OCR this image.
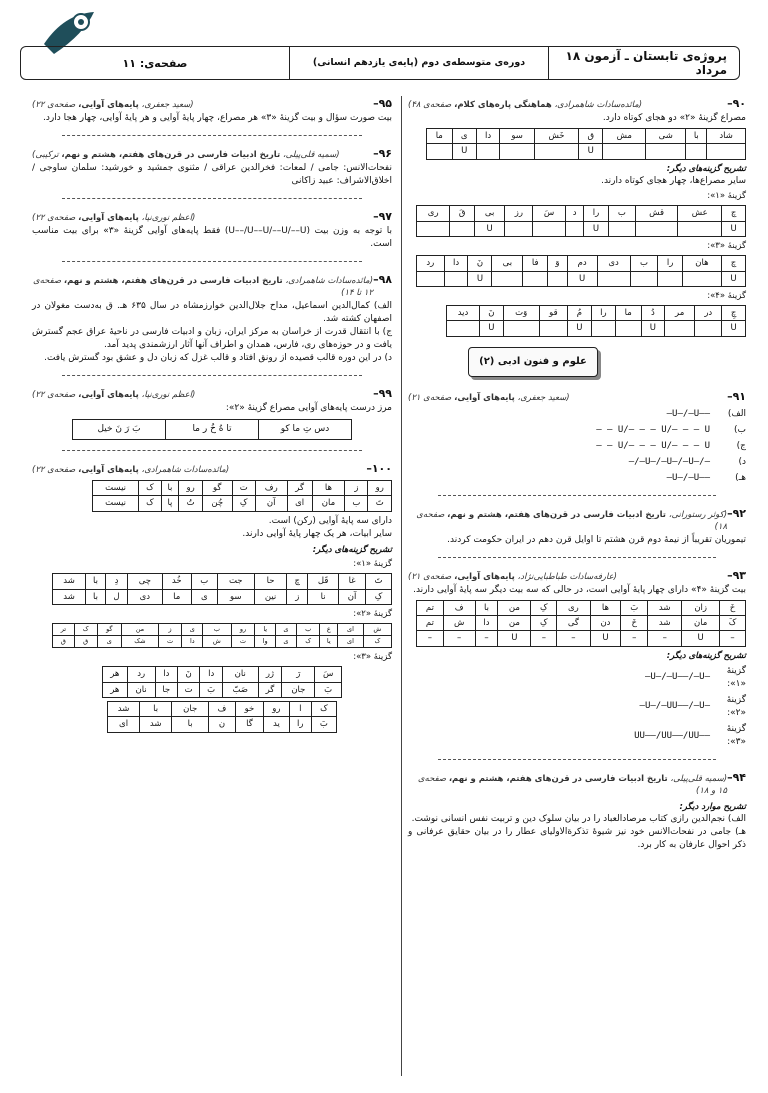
پروژه‌ی تابستان ـ آزمون ۱۸ مرداد
دوره‌ی متوسطه‌ی دوم (پایه‌ی یازدهم انسانی)
صفحه‌ی: ۱۱
۹۰–
(مائده‌سادات شاهمرادی، هماهنگی پاره‌های کلام، صفحه‌ی ۴۸)
مصراع گزینهٔ «۲» دو هجای کوتاه دارد.
شاد	با	شی	مش	ق	خَش	سو	دا	ی	ما
				U				U	
تشریح گزینه‌های دیگر:
سایر مصراع‌ها، چهار هجای کوتاه دارند.
گزینهٔ «۱»:
چ	عش	قش	ب	را	د	سَ	رز	بی	قَ	ری
U				U				U		
گزینهٔ «۳»:
چ	هان	را	ب	دی	دم	وَ	فا	بی	نَ	دا	رد
U					U				U		
گزینهٔ «۴»:
چِ	در	مر	دُ	ما	را	مُ	قو	وَت	نَ	دید
U			U			U			U	
علوم و فنون ادبی (۲)
۹۱–
(سعید جعفری، پایه‌های آوایی، صفحه‌ی ۲۱)
الف)
–U–/–U––
ب)
– – U/– – – U/– – – U
ج)
– – U/– – – U/– – – U
د)
–/–U–/–U–/–U–/–
هـ)
–U–/–U––
۹۲–
(کوثر رستورانی، تاریخ ادبیات فارسی در قرن‌های هفتم، هشتم و نهم، صفحه‌ی ۱۸)
تیموریان تقریباً از نیمهٔ دوم قرن هشتم تا اوایل قرن دهم در ایران حکومت کردند.
۹۳–
(عارفه‌سادات طباطبایی‌نژاد، پایه‌های آوایی، صفحه‌ی ۲۱)
بیت گزینهٔ «۴» دارای چهار پایهٔ آوایی است، در حالی که سه بیت دیگر سه پایهٔ آوایی دارند.
خَ	زان	شد	بَ	ها	ری	کِ	من	با	ف	تم
کَ	مان	شد	خَ	دن	گی	کِ	من	دا	ش	تم
–	U	–	–	U	–	–	U	–	–	–
تشریح گزینه‌های دیگر:
گزینهٔ «۱»:
–U–/–U––/–U–
گزینهٔ «۲»:
–U–/–UU––/–U–
گزینهٔ «۳»:
UU––/UU––/UU––
۹۴–
(سمیه قلی‌پیلی، تاریخ ادبیات فارسی در قرن‌های هفتم، هشتم و نهم، صفحه‌ی ۱۵ و ۱۸)
تشریح موارد دیگر:
الف) نجم‌الدین رازی کتاب مرصادالعباد را در بیان سلوک دین و تربیت نفس انسانی نوشت.
هـ) جامی در نفحات‌الانس خود نیز شیوهٔ تذکرةالاولیای عطار را در بیان حقایق عرفانی و ذکر احوال عارفان به کار برد.
۹۵–
(سعید جعفری، پایه‌های آوایی، صفحه‌ی ۲۲)
بیت صورت سؤال و بیت گزینهٔ «۳» هر مصراع، چهار پایهٔ آوایی و هر پایهٔ آوایی، چهار هجا دارد.
۹۶–
(سمیه قلی‌پیلی، تاریخ ادبیات فارسی در قرن‌های هفتم، هشتم و نهم، ترکیبی)
نفحات‌الانس: جامی / لمعات: فخرالدین عراقی / مثنوی جمشید و خورشید: سلمان ساوجی / اخلاق‌الاشراف: عبید زاکانی
۹۷–
(اعظم نوری‌نیا، پایه‌های آوایی، صفحه‌ی ۲۲)
با توجه به وزن بیت (U––/U––U/––U/––U) فقط پایه‌های آوایی گزینهٔ «۳» برای بیت مناسب است.
۹۸–
(مائده‌سادات شاهمرادی، تاریخ ادبیات فارسی در قرن‌های هفتم، هشتم و نهم، صفحه‌ی ۱۲ تا ۱۴)
الف) کمال‌الدین اسماعیل، مداح جلال‌الدین خوارزمشاه در سال ۶۳۵ هـ. ق به‌دست مغولان در اصفهان کشته شد.
ج) با انتقال قدرت از خراسان به مرکز ایران، زبان و ادبیات فارسی در ناحیهٔ عراق عجم گسترش یافت و در حوزه‌های ری، فارس، همدان و اطراف آنها آثار ارزشمندی پدید آمد.
د) در این دوره قالب قصیده از رونق افتاد و قالب غزل که زبان دل و عشق بود گسترش یافت.
۹۹–
(اعظم نوری‌نیا، پایه‌های آوایی، صفحه‌ی ۲۲)
مرز درست پایه‌های آوایی مصراع گزینهٔ «۲»:
دس تِ ما کو
تا هُ خُ ر ما
بَ رَ نَ خیل
۱۰۰–
(مائده‌سادات شاهمرادی، پایه‌های آوایی، صفحه‌ی ۲۲)
رو	ز	ها	گر	رف	ت	گو	رو	با	ک	نیست
تَ	ب	مان	ای	آن	کِ	چُن	تُ	پا	ک	نیست
دارای سه پایهٔ آوایی (رکن) است.
سایر ابیات، هر یک چهار پایهٔ آوایی دارند.
تشریح گزینه‌های دیگر:
گزینهٔ «۱»:
تَ	غا	قَل	چ	حا	جت	ب	خُد	چی	دِ	با	شد
کِ	آن	نا	ز	نین	سو	ی	ما	دی	ل	با	شد
گزینهٔ «۲»:
ش	ای	ع	ب	ی	یا	رو	ب	ی	ز	من	گو	ک	تر
ک	ای	یا	ک	ی	وا	ت	ش	دا	ت	شک	ی	ق	ق
گزینهٔ «۳»:
سَ	رَ	ژر	نان	دا	نَ	دا	رد	هر
بَ	جان	گر	صَبّ	بَ	ت	جا	نان	هر
ک	ا	رو	خو	ف	جان	با	شد
بَ	را	ید	گا	ن	با	شد	ای
